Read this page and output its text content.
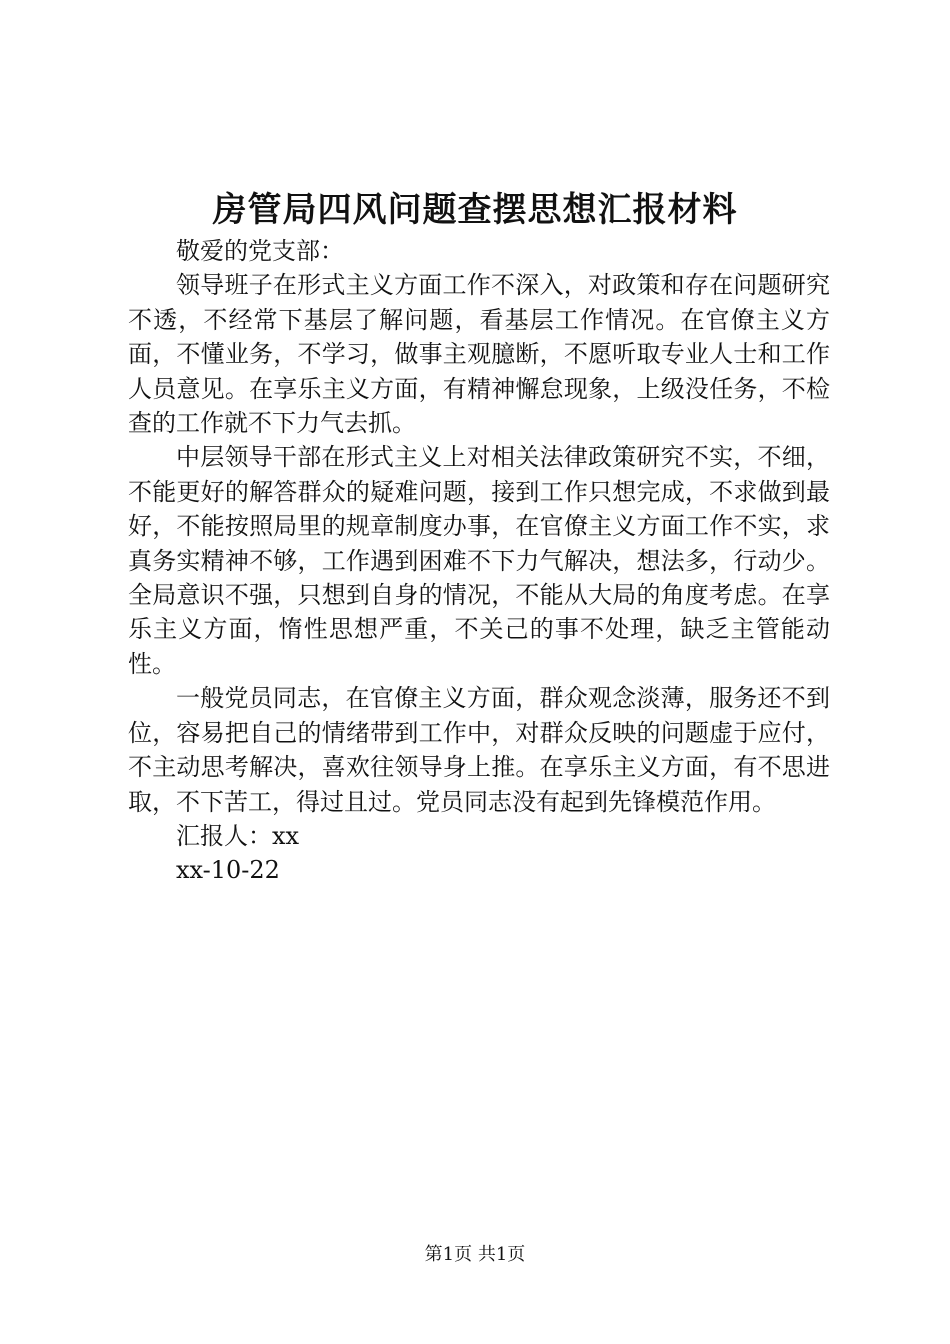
房管局四风问题查摆思想汇报材料

敬爱的党支部：

领导班子在形式主义方面工作不深入，对政策和存在问题研究不透，不经常下基层了解问题，看基层工作情况。在官僚主义方面，不懂业务，不学习，做事主观臆断，不愿听取专业人士和工作人员意见。在享乐主义方面，有精神懈怠现象，上级没任务，不检查的工作就不下力气去抓。

中层领导干部在形式主义上对相关法律政策研究不实，不细，不能更好的解答群众的疑难问题，接到工作只想完成，不求做到最好，不能按照局里的规章制度办事，在官僚主义方面工作不实，求真务实精神不够，工作遇到困难不下力气解决，想法多，行动少。全局意识不强，只想到自身的情况，不能从大局的角度考虑。在享乐主义方面，惰性思想严重，不关己的事不处理，缺乏主管能动性。

一般党员同志，在官僚主义方面，群众观念淡薄，服务还不到位，容易把自己的情绪带到工作中，对群众反映的问题虚于应付，不主动思考解决，喜欢往领导身上推。在享乐主义方面，有不思进取，不下苦工，得过且过。党员同志没有起到先锋模范作用。

汇报人：xx

xx-10-22

第1页 共1页
